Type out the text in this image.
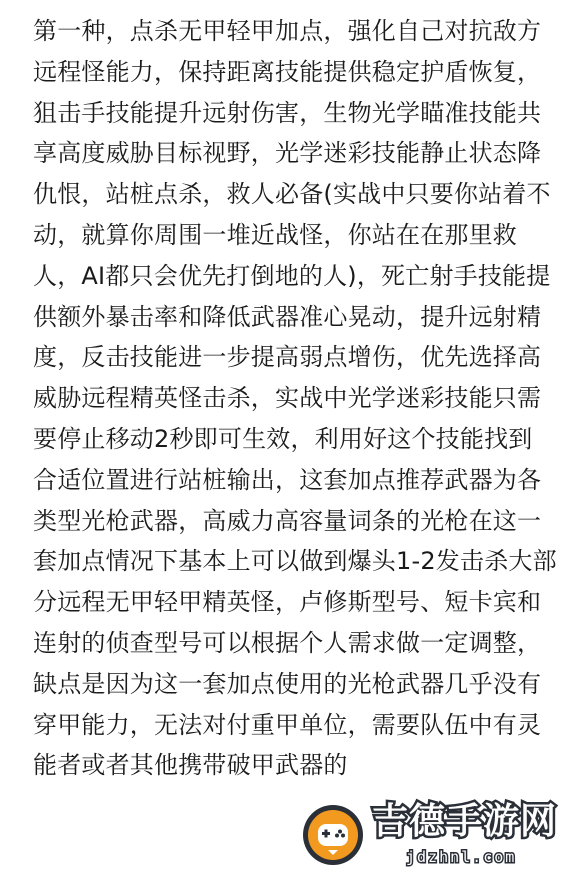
第一种，点杀无甲轻甲加点，强化自己对抗敌方
远程怪能力，保持距离技能提供稳定护盾恢复，
狙击手技能提升远射伤害，生物光学瞄准技能共
享高度威胁目标视野，光学迷彩技能静止状态降
仇恨，站桩点杀，救人必备(实战中只要你站着不
动，就算你周围一堆近战怪，你站在在那里救
人，AI都只会优先打倒地的人)，死亡射手技能提
供额外暴击率和降低武器准心晃动，提升远射精
度，反击技能进一步提高弱点增伤，优先选择高
威胁远程精英怪击杀，实战中光学迷彩技能只需
要停止移动2秒即可生效，利用好这个技能找到
合适位置进行站桩输出，这套加点推荐武器为各
类型光枪武器，高威力高容量词条的光枪在这一
套加点情况下基本上可以做到爆头1-2发击杀大部
分远程无甲轻甲精英怪，卢修斯型号、短卡宾和
连射的侦查型号可以根据个人需求做一定调整，
缺点是因为这一套加点使用的光枪武器几乎没有
穿甲能力，无法对付重甲单位，需要队伍中有灵
能者或者其他携带破甲武器的
吉德手游网
jdzhnl.com
